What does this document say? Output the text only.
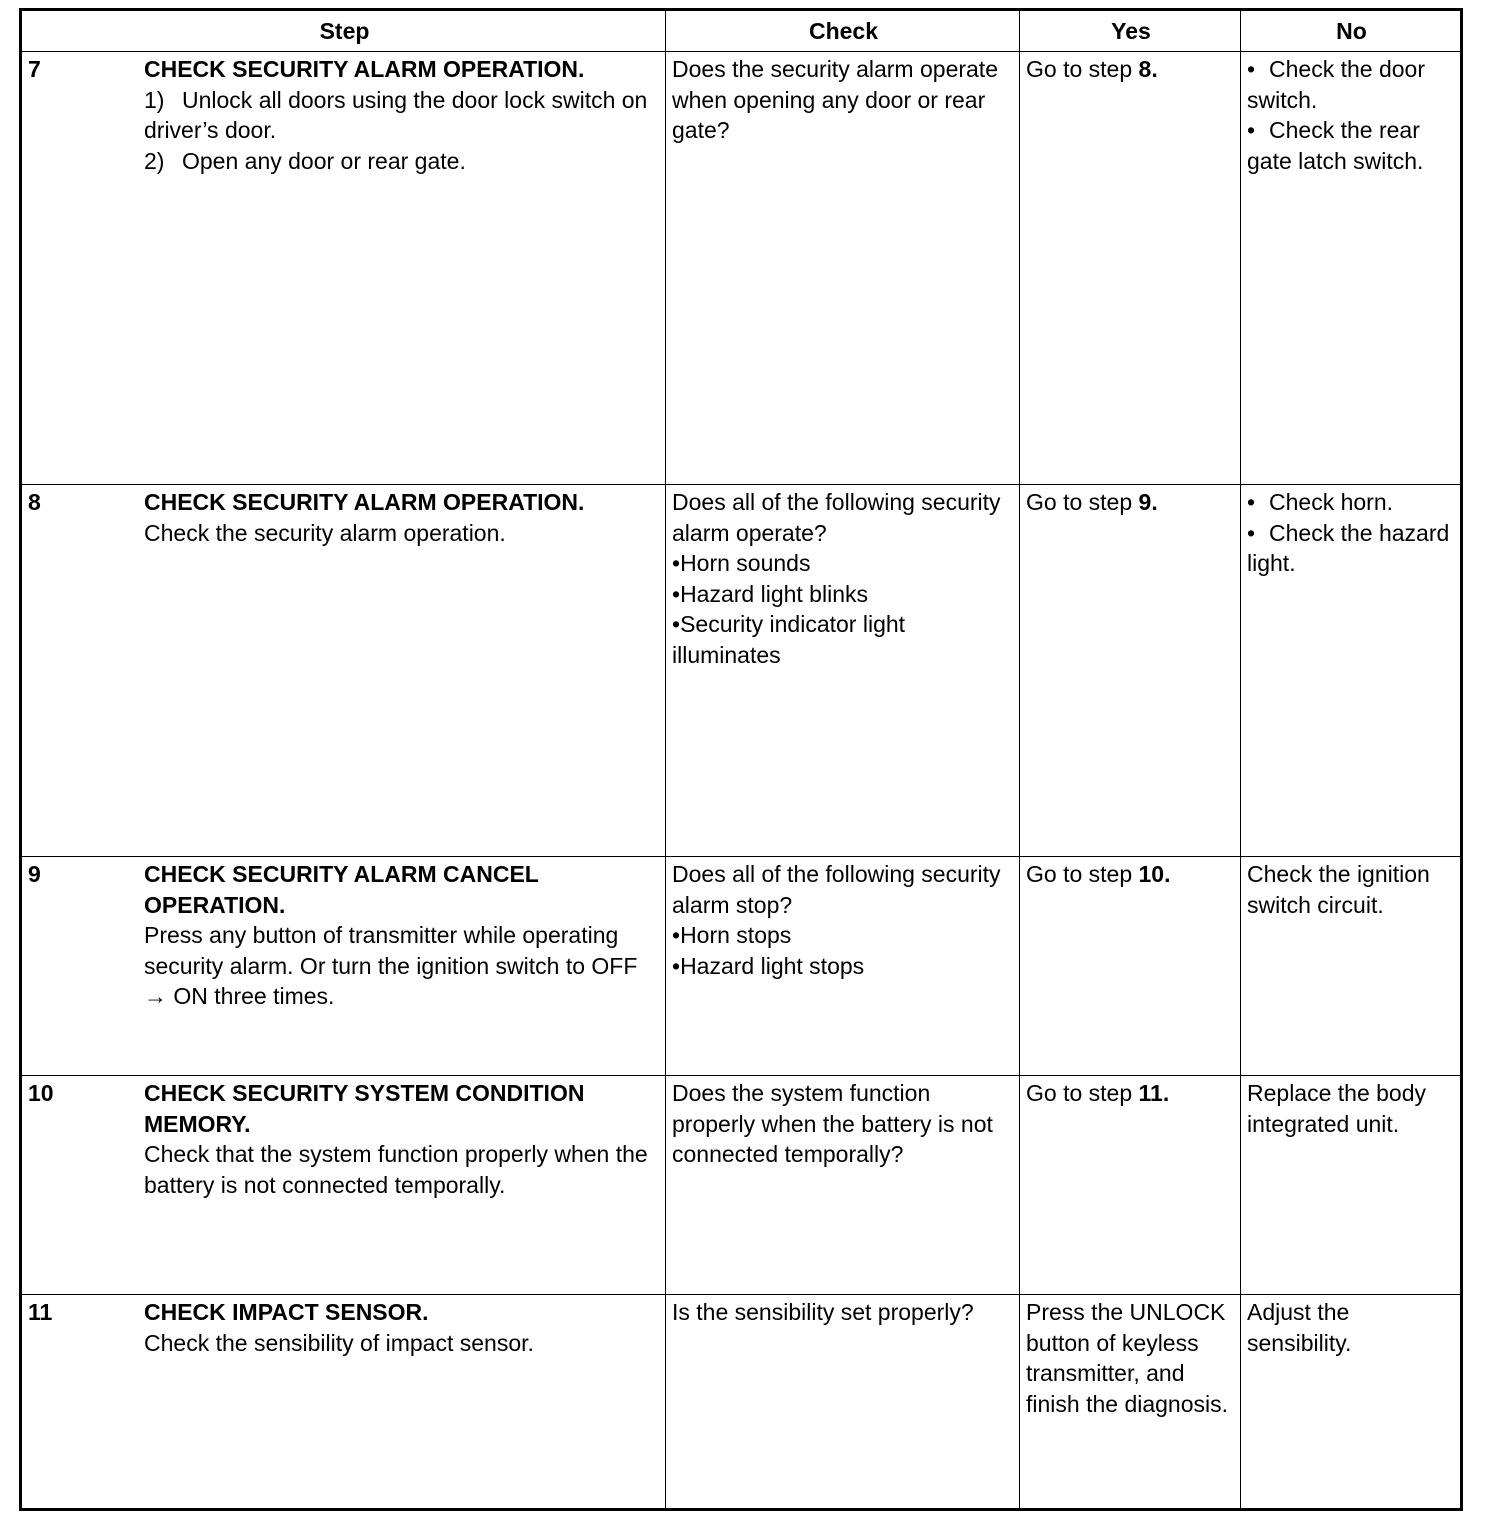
Step	Check	Yes	No

7 CHECK SECURITY ALARM OPERATION.
1) Unlock all doors using the door lock switch on driver’s door.
2) Open any door or rear gate.	Does the security alarm operate when opening any door or rear gate?	Go to step 8.	• Check the door switch.
• Check the rear gate latch switch.

8 CHECK SECURITY ALARM OPERATION.
Check the security alarm operation.	Does all of the following security alarm operate?
•Horn sounds
•Hazard light blinks
•Security indicator light illuminates	Go to step 9.	• Check horn.
• Check the hazard light.

9 CHECK SECURITY ALARM CANCEL OPERATION.
Press any button of transmitter while operating security alarm. Or turn the ignition switch to OFF → ON three times.	Does all of the following security alarm stop?
•Horn stops
•Hazard light stops	Go to step 10.	Check the ignition switch circuit.

10 CHECK SECURITY SYSTEM CONDITION MEMORY.
Check that the system function properly when the battery is not connected temporally.	Does the system function properly when the battery is not connected temporally?	Go to step 11.	Replace the body integrated unit.

11 CHECK IMPACT SENSOR.
Check the sensibility of impact sensor.	Is the sensibility set properly?	Press the UNLOCK button of keyless transmitter, and finish the diagnosis.	Adjust the sensibility.
